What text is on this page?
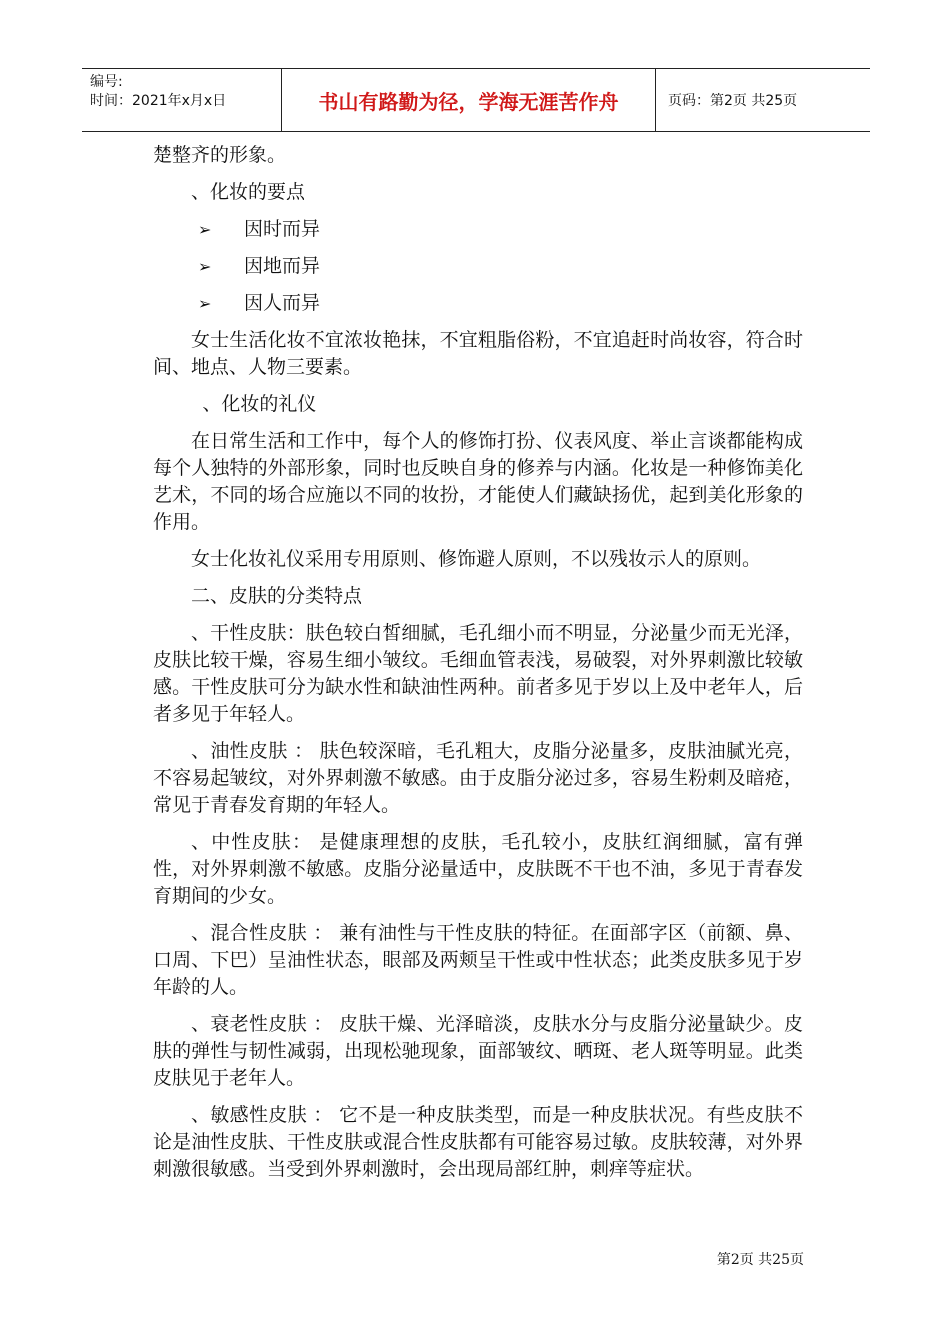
编号:
时间：2021年x月x日	书山有路勤为径，学海无涯苦作舟	页码：第2页 共25页

楚整齐的形象。

、化妆的要点

➢	因时而异

➢	因地而异

➢	因人而异

女士生活化妆不宜浓妆艳抹，不宜粗脂俗粉，不宜追赶时尚妆容，符合时间、地点、人物三要素。

、化妆的礼仪

在日常生活和工作中，每个人的修饰打扮、仪表风度、举止言谈都能构成每个人独特的外部形象，同时也反映自身的修养与内涵。化妆是一种修饰美化艺术，不同的场合应施以不同的妆扮，才能使人们藏缺扬优，起到美化形象的作用。

女士化妆礼仪采用专用原则、修饰避人原则，不以残妆示人的原则。

二、皮肤的分类特点

、干性皮肤：肤色较白皙细腻，毛孔细小而不明显，分泌量少而无光泽，皮肤比较干燥，容易生细小皱纹。毛细血管表浅，易破裂，对外界刺激比较敏感。干性皮肤可分为缺水性和缺油性两种。前者多见于岁以上及中老年人，后者多见于年轻人。

、油性皮肤 ： 肤色较深暗，毛孔粗大，皮脂分泌量多，皮肤油腻光亮，不容易起皱纹，对外界刺激不敏感。由于皮脂分泌过多，容易生粉刺及暗疮，常见于青春发育期的年轻人。

、中性皮肤： 是健康理想的皮肤，毛孔较小，皮肤红润细腻，富有弹性，对外界刺激不敏感。皮脂分泌量适中，皮肤既不干也不油，多见于青春发育期间的少女。

、混合性皮肤 ： 兼有油性与干性皮肤的特征。在面部字区（前额、鼻、口周、下巴）呈油性状态，眼部及两颊呈干性或中性状态；此类皮肤多见于岁年龄的人。

、衰老性皮肤 ： 皮肤干燥、光泽暗淡，皮肤水分与皮脂分泌量缺少。皮肤的弹性与韧性减弱，出现松驰现象，面部皱纹、晒斑、老人斑等明显。此类皮肤见于老年人。

、敏感性皮肤 ： 它不是一种皮肤类型，而是一种皮肤状况。有些皮肤不论是油性皮肤、干性皮肤或混合性皮肤都有可能容易过敏。皮肤较薄，对外界刺激很敏感。当受到外界刺激时，会出现局部红肿，刺痒等症状。

第2页 共25页
